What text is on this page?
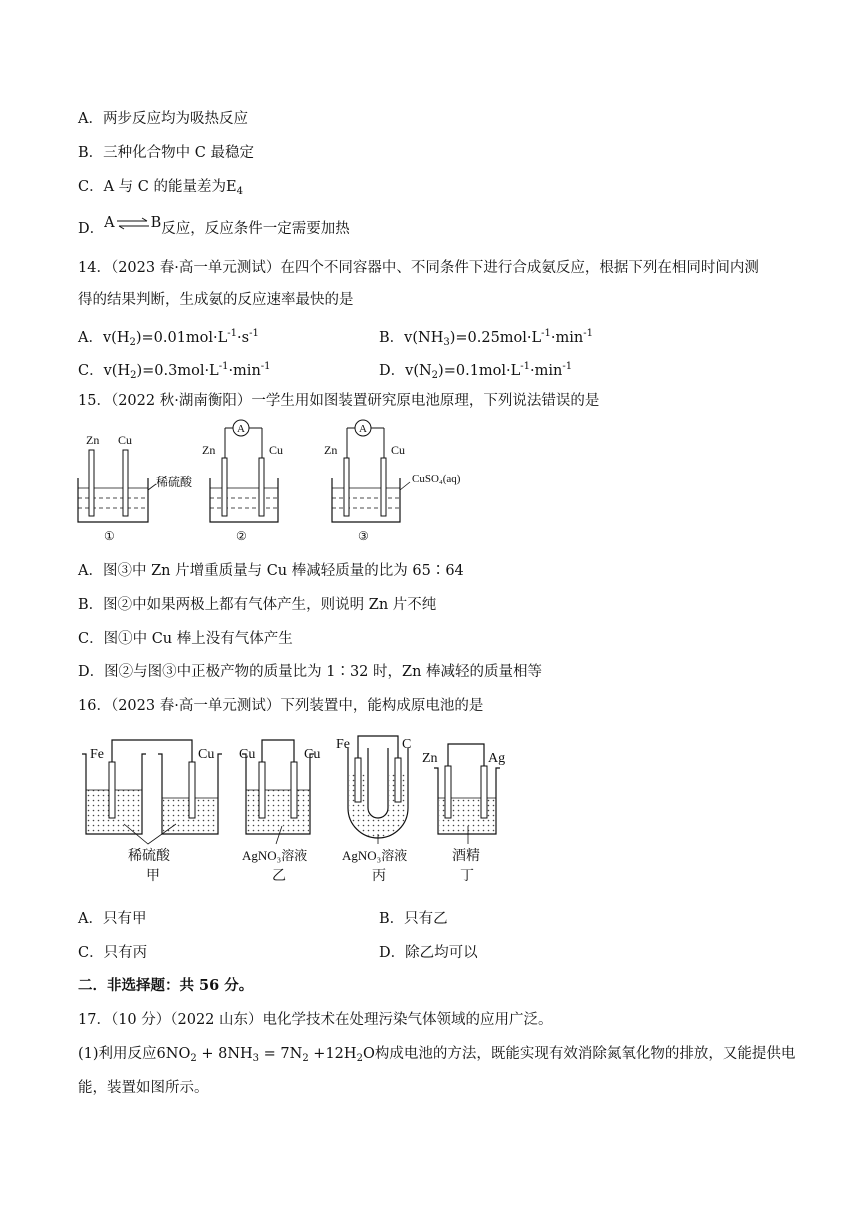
A．两步反应均为吸热反应
B．三种化合物中 C 最稳定
C．A 与 C 的能量差为$E_4$
D．A⇌B反应，反应条件一定需要加热
14．（2023 春·高一单元测试）在四个不同容器中、不同条件下进行合成氨反应，根据下列在相同时间内测
得的结果判断，生成氨的反应速率最快的是
A．$v(H_2)=0.01mol\cdot L^{-1}\cdot s^{-1}$	B．$v(NH_3)=0.25mol\cdot L^{-1}\cdot\min^{-1}$
C．$v(H_2)=0.3mol\cdot L^{-1}\cdot\min^{-1}$	D．$v(N_2)=0.1mol\cdot L^{-1}\cdot\min^{-1}$
15．（2022 秋·湖南衡阳）一学生用如图装置研究原电池原理，下列说法错误的是
Zn Cu
稀硫酸
①
Zn	Cu
A
②
Zn	Cu
A
CuSO₄(aq)
③
A．图③中 Zn 片增重质量与 Cu 棒减轻质量的比为 65∶64
B．图②中如果两极上都有气体产生，则说明 Zn 片不纯
C．图①中 Cu 棒上没有气体产生
D．图②与图③中正极产物的质量比为 1∶32 时，Zn 棒减轻的质量相等
16．（2023 春·高一单元测试）下列装置中，能构成原电池的是
Fe	Cu
稀硫酸
甲
Cu	Cu
AgNO₃溶液
乙
Fe	C
AgNO₃溶液
丙
Zn	Ag
酒精
丁
A．只有甲	B．只有乙
C．只有丙	D．除乙均可以
二．非选择题：共 56 分。
17．（10 分）（2022 山东）电化学技术在处理污染气体领域的应用广泛。
(1)利用反应$6NO_2 + 8NH_3 = 7N_2 +12H_2O$构成电池的方法，既能实现有效消除氮氧化物的排放，又能提供电
能，装置如图所示。
